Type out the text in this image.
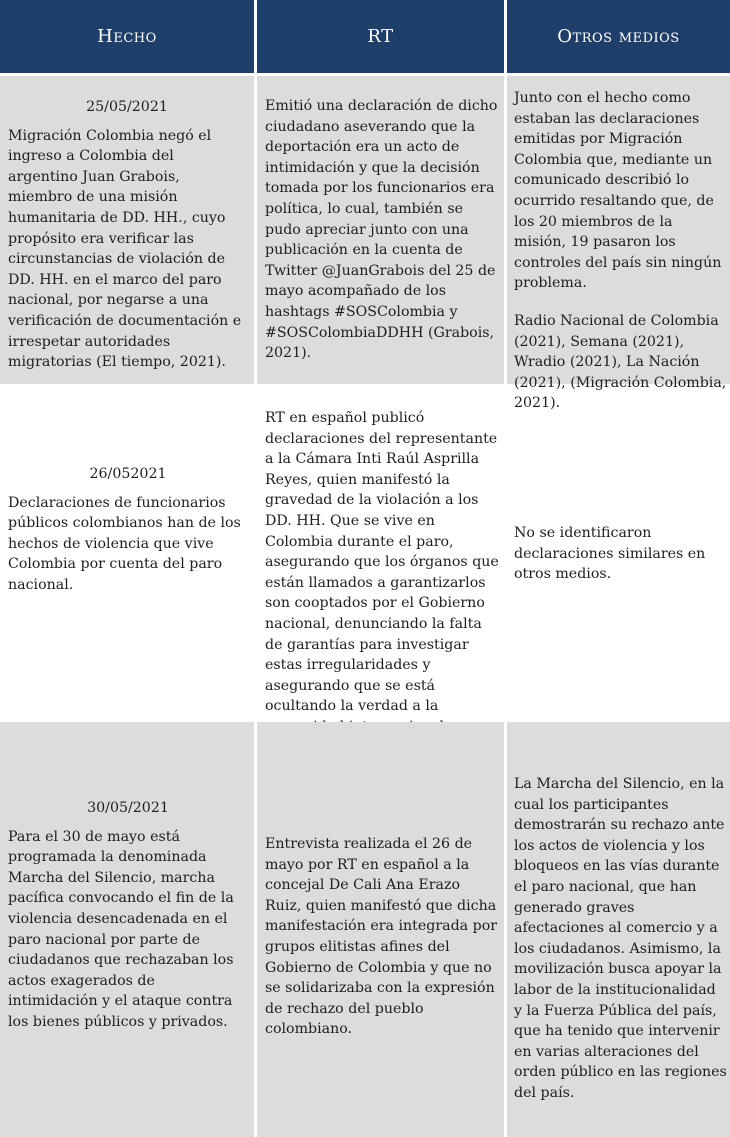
Hecho	RT	Otros medios
25/05/2021
Migración Colombia negó el ingreso a Colombia del argentino Juan Grabois, miembro de una misión humanitaria de DD. HH., cuyo propósito era verificar las circunstancias de violación de DD. HH. en el marco del paro nacional, por negarse a una verificación de documentación e irrespetar autoridades migratorias (El tiempo, 2021).
Emitió una declaración de dicho ciudadano aseverando que la deportación era un acto de intimidación y que la decisión tomada por los funcionarios era política, lo cual, también se pudo apreciar junto con una publicación en la cuenta de Twitter @JuanGrabois del 25 de mayo acompañado de los hashtags #SOSColombia y #SOSColombiaDDHH (Grabois, 2021).
Junto con el hecho como estaban las declaraciones emitidas por Migración Colombia que, mediante un comunicado describió lo ocurrido resaltando que, de los 20 miembros de la misión, 19 pasaron los controles del país sin ningún problema.
Radio Nacional de Colombia (2021), Semana (2021), Wradio (2021), La Nación (2021), (Migración Colombia, 2021).
26/052021
Declaraciones de funcionarios públicos colombianos han de los hechos de violencia que vive Colombia por cuenta del paro nacional.
RT en español publicó declaraciones del representante a la Cámara Inti Raúl Asprilla Reyes, quien manifestó la gravedad de la violación a los DD. HH. Que se vive en Colombia durante el paro, asegurando que los órganos que están llamados a garantizarlos son cooptados por el Gobierno nacional, denunciando la falta de garantías para investigar estas irregularidades y asegurando que se está ocultando la verdad a la
No se identificaron declaraciones similares en otros medios.
30/05/2021
Para el 30 de mayo está programada la denominada Marcha del Silencio, marcha pacífica convocando el fin de la violencia desencadenada en el paro nacional por parte de ciudadanos que rechazaban los actos exagerados de intimidación y el ataque contra los bienes públicos y privados.
Entrevista realizada el 26 de mayo por RT en español a la concejal De Cali Ana Erazo Ruiz, quien manifestó que dicha manifestación era integrada por grupos elitistas afines del Gobierno de Colombia y que no se solidarizaba con la expresión de rechazo del pueblo colombiano.
La Marcha del Silencio, en la cual los participantes demostrarán su rechazo ante los actos de violencia y los bloqueos en las vías durante el paro nacional, que han generado graves afectaciones al comercio y a los ciudadanos. Asimismo, la movilización busca apoyar la labor de la institucionalidad y la Fuerza Pública del país, que ha tenido que intervenir en varias alteraciones del orden público en las regiones del país.
